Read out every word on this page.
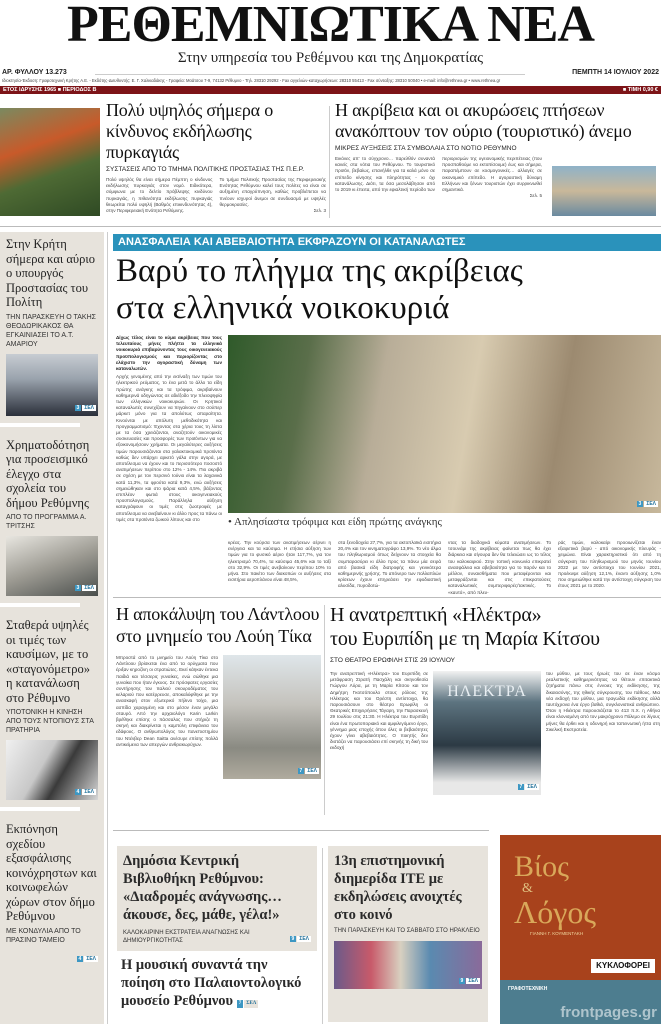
ΡΕΘΕΜΝΙΩΤΙΚΑ ΝΕΑ
Στην υπηρεσία του Ρεθέμνου και της Δημοκρατίας
ΑΡ. ΦΥΛΛΟΥ 13.273	ΠΕΜΠΤΗ 14 ΙΟΥΛΙΟΥ 2022
Ιδιοκτησία-Έκδοση: Γραφοτεχνική Κρήτης Α.Ε. - Εκδότης-Διευθυντής: Ε. Γ. Χαλκιαδάκης - Γραφεία: Μοάτσου 7-9, 74132 Ρέθυμνο - Τηλ. 28310 29292 - Fax αγγελιών-καταχωρήσεων: 28310 55413 - Fax σύνταξης: 28310 50040 • e-mail: info@rethnea.gr • www.rethnea.gr
ΕΤΟΣ ΙΔΡΥΣΗΣ 1965 ■ ΠΕΡΙΟΔΟΣ Β	■ ΤΙΜΗ 0,90 €
Πολύ υψηλός σήμερα ο κίνδυνος εκδήλωσης πυρκαγιάς
ΣΥΣΤΑΣΕΙΣ ΑΠΟ ΤΟ ΤΜΗΜΑ ΠΟΛΙΤΙΚΗΣ ΠΡΟΣΤΑΣΙΑΣ ΤΗΣ Π.Ε.Ρ.
Πολύ υψηλός θα είναι σήμερα Πέμπτη ο κίνδυνος εκδήλωσης πυρκαγιάς στον νομό. Ειδικότερα, σύμφωνα με το δελτίο πρόβλεψης κινδύνου πυρκαγιάς, η πιθανότητα εκδήλωσης πυρκαγιάς θεωρείται πολύ υψηλή (Βαθμός επικινδυνότητας 4), στην Περιφερειακή Ενότητα Ρεθύμνης.
Το τμήμα Πολιτικής Προστασίας της Περιφερειακής Ενότητας Ρεθύμνου καλεί τους πολίτες να είναι σε αυξημένη επαγρύπνηση, καθώς προβλέπεται να πνέουν ισχυροί άνεμοι σε συνδυασμό με υψηλές θερμοκρασίες.
Σελ. 3
Η ακρίβεια και οι ακυρώσεις πτήσεων ανακόπτουν τον ούριο (τουριστικό) άνεμο
ΜΙΚΡΕΣ ΑΥΞΗΣΕΙΣ ΣΤΑ ΣΥΜΒΟΛΑΙΑ ΣΤΟ ΝΟΤΙΟ ΡΕΘΥΜΝΟ
Εικόνες απ' το σύγχρονο… παρελθόν συναντά κανείς στα νότια του Ρεθύμνου. Το τουριστικό προϊόν, βεβαίως, επανήλθε για τα καλά μόνο σε επίπεδο κίνησης και πληρότητας - κι όχι κατανάλωσης. Διότι, τα όσα μεσολάβησαν από το 2019 κι έπειτα, από την εφιαλτική περίοδο των
περιορισμών της υγειονομικής περιπέτειας (που προσπαθούμε να εκτοπίσουμε) έως και σήμερα, παραπέμπουν σε κοσμογονικές… αλλαγές σε οικονομικό επίπεδο. Η αγοραστική δύναμη Ελλήνων και ξένων τουριστών έχει συρρικνωθεί σημαντικά.
Σελ. 5
Στην Κρήτη σήμερα και αύριο ο υπουργός Προστασίας του Πολίτη
ΤΗΝ ΠΑΡΑΣΚΕΥΗ Ο ΤΑΚΗΣ ΘΕΟΔΩΡΙΚΑΚΟΣ ΘΑ ΕΓΚΑΙΝΙΑΣΕΙ ΤΟ Α.Τ. ΑΜΑΡΙΟΥ
3 ΣΕΛ
Χρηματοδότηση για προσεισμικό έλεγχο στα σχολεία του δήμου Ρεθύμνης
ΑΠΟ ΤΟ ΠΡΟΓΡΑΜΜΑ Α. ΤΡΙΤΣΗΣ
3 ΣΕΛ
Σταθερά υψηλές οι τιμές των καυσίμων, με το «σταγονόμετρο» η κατανάλωση στο Ρέθυμνο
ΥΠΟΤΟΝΙΚΗ Η ΚΙΝΗΣΗ ΑΠΟ ΤΟΥΣ ΝΤΟΠΙΟΥΣ ΣΤΑ ΠΡΑΤΗΡΙΑ
4 ΣΕΛ
Εκπόνηση σχεδίου εξασφάλισης κοινόχρηστων και κοινωφελών χώρων στον δήμο Ρεθύμνου
ΜΕ ΚΟΝΔΥΛΙΑ ΑΠΟ ΤΟ ΠΡΑΣΙΝΟ ΤΑΜΕΙΟ
4 ΣΕΛ
ΑΝΑΣΦΑΛΕΙΑ ΚΑΙ ΑΒΕΒΑΙΟΤΗΤΑ ΕΚΦΡΑΖΟΥΝ ΟΙ ΚΑΤΑΝΑΛΩΤΕΣ
Βαρύ το πλήγμα της ακρίβειας
στα ελληνικά νοικοκυριά
Δίχως τέλος είναι το κύμα ακρίβειας που τους τελευταίους μήνες πλήττει τα ελληνικά νοικοκυριά επιβαρύνοντας τους οικογενειακούς προϋπολογισμούς και περιορίζοντας στο ελάχιστο την αγοραστική δύναμη των καταναλωτών.
Αρχής γενομένης από την εκτίναξη των τιμών του ηλεκτρικού ρεύματος, το ένα μετά το άλλο τα είδη πρώτης ανάγκης και τα τρόφιμα, ακριβαίνουν καθημερινά οδηγώντας σε αδιέξοδο την πλειοψηφία των ελληνικών νοικοκυριών. Οι Κρητικοί καταναλωτές συνεχίζουν να πηγαίνουν στο σούπερ μάρκετ μόνο για τα απολύτως απαραίτητα. Κινούνται με απόλυτη μεθοδικότητα και προγραμματισμό: Έχοντας στα χέρια τους τη λίστα με τα όσα χρειάζονται, αναζητούν οικονομικές συσκευασίες και προσφορές των προϊόντων για να εξοικονομήσουν χρήματα. Οι μεγαλύτερες αυξήσεις τιμών παρουσιάζονται στα γαλακτοκομικά προϊόντα καθώς δεν υπάρχει αρκετό γάλα στην αγορά, με αποτέλεσμα να έχουν και το περισσότερο ποσοστό ανατιμήσεων περίπου στο 12% - 14%. Πιο ακριβά σε σχέση με τον περσινό Ιούνιο είναι τα λαχανικά κατά 11,3%, τα φρούτα κατά 9,3%, ενώ αυξήσεις σημειώθηκαν και στο ψάρια κατά 4,5%, βάζοντας επιπλέον φωτιά στους οικογενειακούς προϋπολογισμούς. Παράλληλα αύξηση καταγράφουν οι τιμές στις ζωοτροφές με αποτέλεσμα να ανεβαίνουν κι άλλο προς τα πάνω οι τιμές στα προϊόντα ζωικού λίπους και στο
3 ΣΕΛ
• Απλησίαστα τρόφιμα και είδη πρώτης ανάγκης
κρέας. Την κούρσα των ανατιμήσεων σέρνει η ενέργεια και τα καύσιμα. Η ετήσια αύξηση των τιμών για το φυσικό αέριο ήταν 117,7%, για τον ηλεκτρισμό 70,4%, τα καύσιμα 45,6% και το ταξί στο 32,9%. Οι τιμές ανεβαίνουν περίπου 10% το μήνα. Στο πακέτο των διακοπών οι αυξήσεις στα εισιτήρια αεροπλάνου είναι 48,5%,
στα ξενοδοχεία 27,7%, για τα ακτοπλοϊκά εισιτήρια 20,4% και τον κινηματογράφο 13,9%. Το νέο άλμα του πληθωρισμού όπως δείχνουν τα στοιχεία θα συμπαρασύρει κι άλλο προς τα πάνω μία σειρά από βασικά είδη διατροφής και γενικότερα καθημερινής χρήσης. Το απόνερο των πολλαπλών κρίσεων έχουν επηρεάσει την εφοδιαστική αλυσίδα, πυροδοτώ-
ντας τα διαδοχικά κύματα ανατιμήσεων. Το τσουνάμι της ακρίβειας φαίνεται πως θα έχει διάρκεια και σίγουρα δεν θα τελειώσει ως το τέλος του καλοκαιριού. Στην τοπική κοινωνία επικρατεί ανασφάλεια και αβεβαιότητα για το παρόν και το μέλλον, συναισθήματα που μεταφέρονται και μεταφράζονται και στις επικρατούσες καταναλωτικές συμπεριφορές/τακτικές. Το «καυτό», από πλευ-
ράς τιμών, καλοκαίρι προοιωνίζεται έναν εξαιρετικά βαρύ - από οικονομικής πλευράς - χειμώνα. Είναι χαρακτηριστικό ότι από τη σύγκριση του πληθωρισμού του μηνός Ιουνίου 2022 με τον αντίστοιχο του Ιουνίου 2021, προέκυψε αύξηση 12,1%, έναντι αύξησης 1,0% που σημειώθηκε κατά την αντίστοιχη σύγκριση του έτους 2021 με το 2020.
Η αποκάλυψη του Λάντλοου στο μνημείο του Λούη Τίκα
Μπροστά από το μνημείο του Λούη Τίκα στο Λάντλοου βρίσκεται ένα από τα ορύγματα που έριξαν κηροζίνη οι στρατιώτες. Εκεί κάηκαν έντεκα παιδιά και τέσσερις γυναίκες, ενώ σώθηκε μια γυναίκα που ήταν έγκυος. Σε πρόσφατες εργασίες συντήρησης του παλιού σκουροδέματος του κελαριού που κατέρρευσε, αποκαλύφθηκε με την ανασκαφή στον εξωτερικό πήλινο τοίχο, μια ασπίδα χαραγμένη και στο μέσον έναν μεγάλο σταυρό. Από την αρχαιολόγο Karin Larkin βρέθηκε επίσης ο πάσσαλος που στήριζε τη σκηνή και διακρίνεται η καμπύλη επιφάνεια του εδάφους. Ο ανθρωπολόγος του πανεπιστημίου του Ντένβερ Dean Saitta ανέσυρε επίσης πολλά αντικείμενα των απεργών ανθρακωρύχων.
7 ΣΕΛ
Η ανατρεπτική «Ηλέκτρα»
του Ευριπίδη με τη Μαρία Κίτσου
ΣΤΟ ΘΕΑΤΡΟ ΕΡΩΦΙΛΗ ΣΤΙΣ 29 ΙΟΥΛΙΟΥ
Την ανατρεπτική «Ηλέκτρα» του Ευριπίδη σε μετάφραση Στρατή Πασχάλη και σκηνοθεσία Γιώργου Λύρα, με τη Μαρία Κίτσου και τον Δημήτρη Γκοτσόπουλο στους ρόλους της Ηλέκτρας και του Ορέστη αντίστοιχα, θα παρουσιάσουν στο θέατρο Ερωφίλη οι Θεατρικές Επιχειρήσεις Τάγαρη, την Παρασκευή 29 Ιουλίου στις 21:30. Η Ηλέκτρα του Ευριπίδη είναι ένα πρωτοποριακό και αμφιλεγόμενο έργο, γέννημα μιας εποχής όπου όλες οι βεβαιότητες έχουν γίνει αβεβαιότητες. Ο ποιητής δεν διστάζει να παρουσιάσει επί σκηνής τη δική του εκδοχή
ΗΛΕΚΤΡΑ
7 ΣΕΛ
του μύθου, με τους ήρωές του σε έναν κόσμο ρεαλιστικής καθημερινότητας να θέτουν επιτακτικά ζητήματα πάνω στις έννοιες της εκδίκησης, της δικαιοσύνης, της ηθικής σύγκρουσης, του πάθους. Μια νέα εκδοχή του μύθου, μια τραγωδία εκδίκησης αλλά ταυτόχρονα ένα έργο βαθιά, συγκλονιστικά ανθρώπινο. Όταν η Ηλέκτρα παρουσιάζεται το 413 π.Χ. η Αθήνα είναι κλονισμένη από τον μακρόχρονο Πόλεμο σε λίγους μήνες θα έρθει και η οδυνηρή και ταπεινωτική ήττα στη Σικελική Εκστρατεία.
Δημόσια Κεντρική Βιβλιοθήκη Ρεθύμνου: «Διαδρομές ανάγνωσης… άκουσε, δες, μάθε, γέλα!»
ΚΑΛΟΚΑΙΡΙΝΗ ΕΚΣΤΡΑΤΕΙΑ ΑΝΑΓΝΩΣΗΣ ΚΑΙ ΔΗΜΙΟΥΡΓΙΚΟΤΗΤΑΣ	9 ΣΕΛ
Η μουσική συναντά την ποίηση στο Παλαιοντολογικό μουσείο Ρεθύμνου 7 ΣΕΛ
13η επιστημονική διημερίδα ΙΤΕ με εκδηλώσεις ανοιχτές στο κοινό
ΤΗΝ ΠΑΡΑΣΚΕΥΗ ΚΑΙ ΤΟ ΣΑΒΒΑΤΟ ΣΤΟ ΗΡΑΚΛΕΙΟ
9 ΣΕΛ
Βίος
&
Λόγος
ΓΙΑΝΝΗ Γ. ΚΟΥΜΕΝΤΑΚΗ
ΚΥΚΛΟΦΟΡΕΙ
ΓΡΑΦΟΤΕΧΝΙΚΗ
frontpages.gr
